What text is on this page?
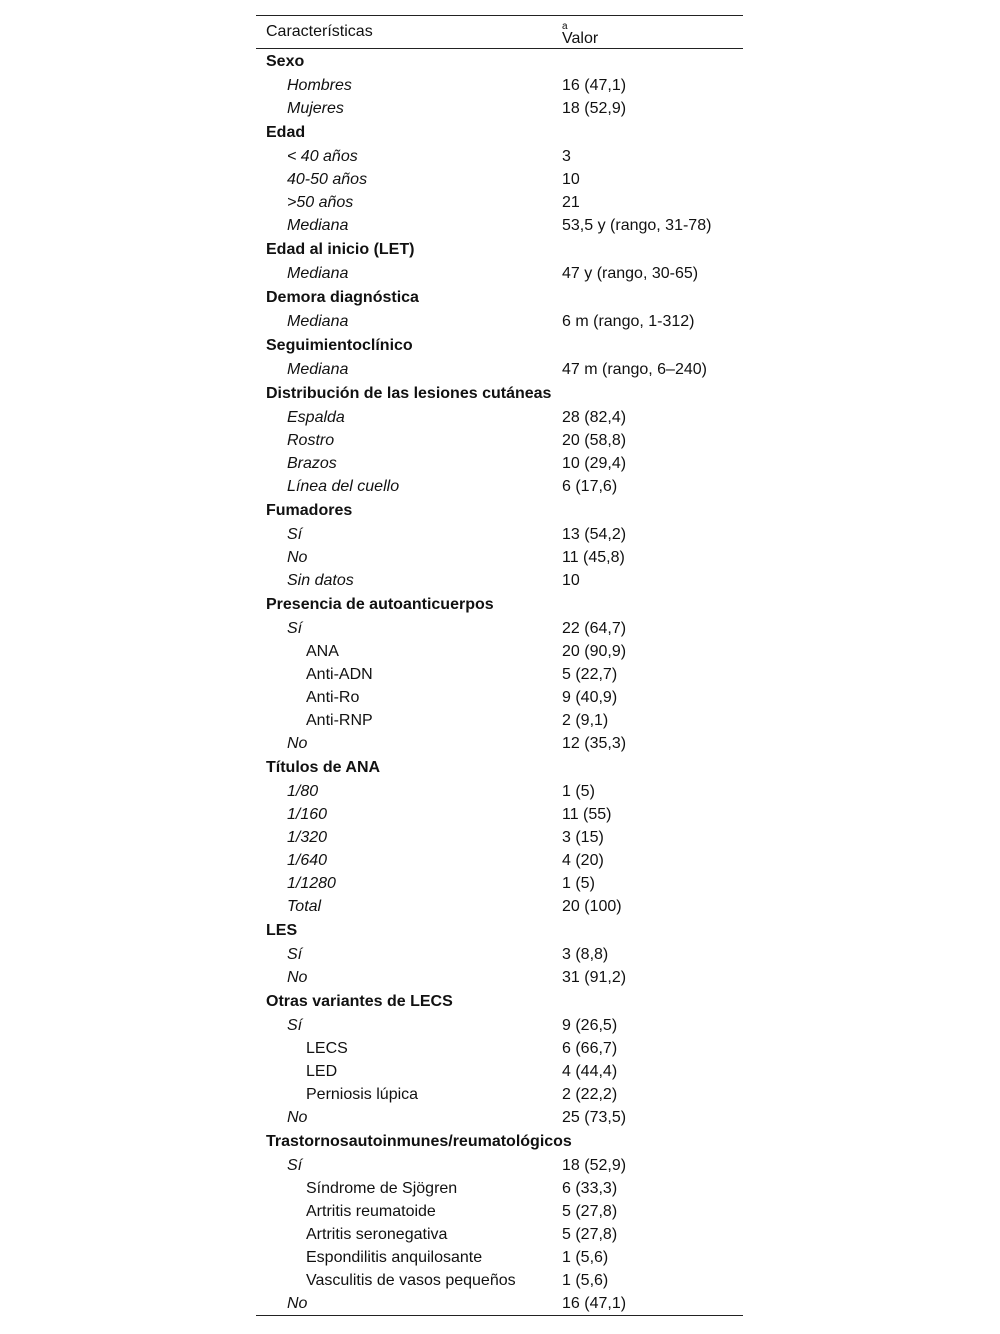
Características	Valor
$^a$
Sexo
Hombres	16 (47,1)
Mujeres	18 (52,9)
Edad
< 40 años	3
40-50 años	10
>50 años	21
Mediana	53,5 y (rango, 31-78)
Edad al inicio (LET)
Mediana	47 y (rango, 30-65)
Demora diagnóstica
Mediana	6 m (rango, 1-312)
Seguimientoclínico
Mediana	47 m (rango, 6–240)
Distribución de las lesiones cutáneas
Espalda	28 (82,4)
Rostro	20 (58,8)
Brazos	10 (29,4)
Línea del cuello	6 (17,6)
Fumadores
Sí	13 (54,2)
No	11 (45,8)
Sin datos	10
Presencia de autoanticuerpos
Sí	22 (64,7)
ANA	20 (90,9)
Anti-ADN	5 (22,7)
Anti-Ro	9 (40,9)
Anti-RNP	2 (9,1)
No	12 (35,3)
Títulos de ANA
1/80	1 (5)
1/160	11 (55)
1/320	3 (15)
1/640	4 (20)
1/1280	1 (5)
Total	20 (100)
LES
Sí	3 (8,8)
No	31 (91,2)
Otras variantes de LECS
Sí	9 (26,5)
LECS	6 (66,7)
LED	4 (44,4)
Perniosis lúpica	2 (22,2)
No	25 (73,5)
Trastornosautoinmunes/reumatológicos
Sí	18 (52,9)
Síndrome de Sjögren	6 (33,3)
Artritis reumatoide	5 (27,8)
Artritis seronegativa	5 (27,8)
Espondilitis anquilosante	1 (5,6)
Vasculitis de vasos pequeños	1 (5,6)
No	16 (47,1)
